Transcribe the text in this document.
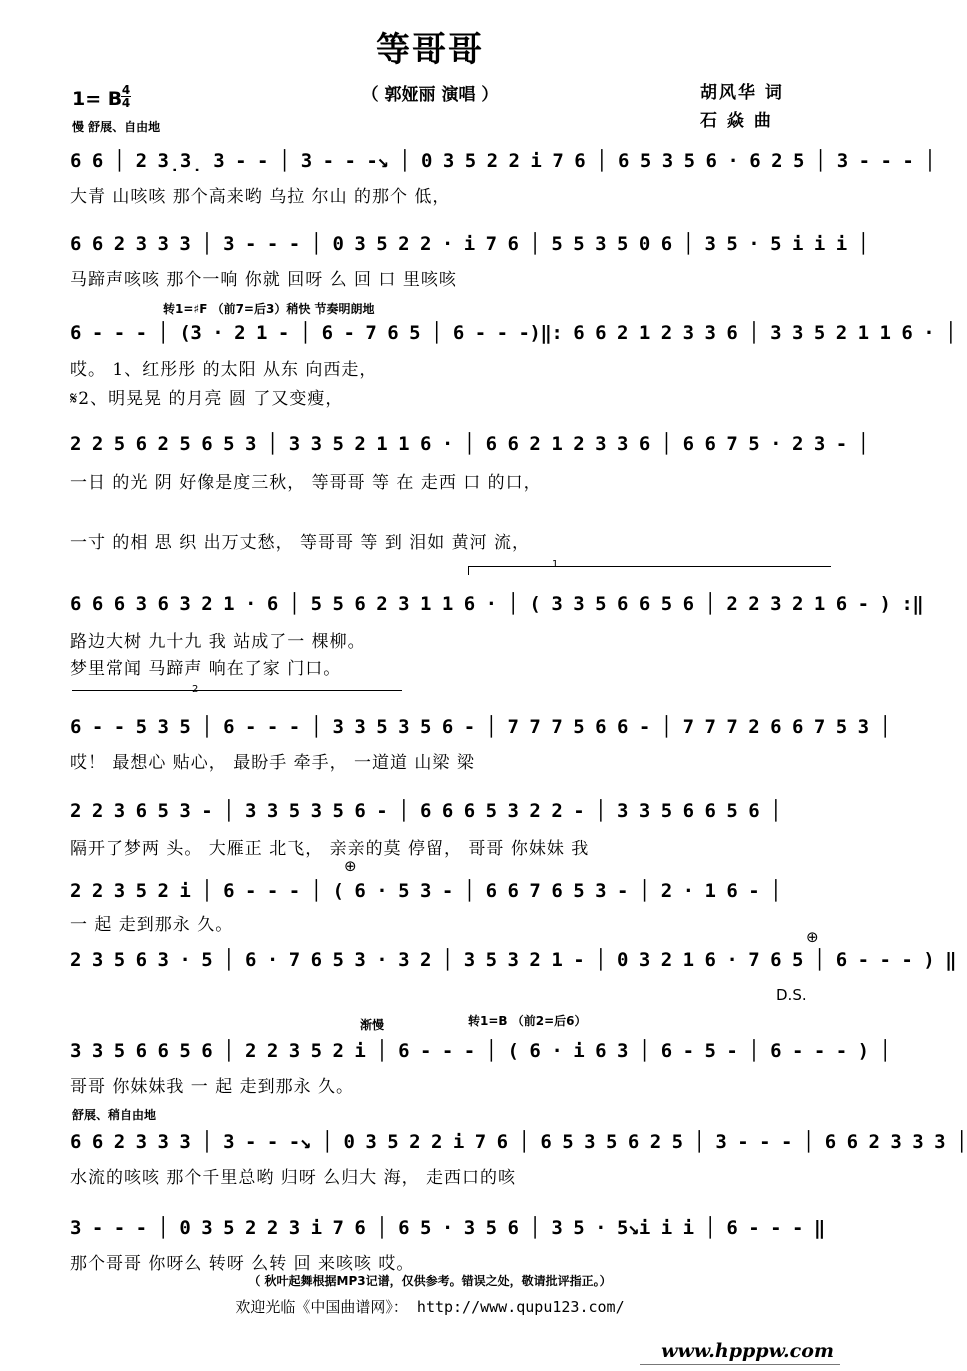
等哥哥
（ 郭娅丽 演唱 ）
1= B 4
4
慢 舒展、自由地
胡风华 词
石 焱 曲
6 6 │ 2 3̣3̣ 3 - - │ 3 - - -↘ │ 0 3 5 2 2 i 7 6 │ 6 5 3 5 6 · 6 2 5 │ 3 - - - │
大青 山咳咳 那个高来哟 乌拉 尔山 的那个 低，
6 6 2 3 3 3 │ 3 - - - │ 0 3 5 2 2 · i 7 6 │ 5 5 3 5 0 6 │ 3 5 · 5 i i i │
马蹄声咳咳 那个一响 你就 回呀 么 回 口 里咳咳
转1=♯F （前7=后3）稍快 节奏明朗地
6 - - - │ (3 · 2 1 - │ 6 - 7 6 5 │ 6 - - -)‖: 6 6 2 1 2 3 3 6 │ 3 3 5 2 1 1 6 · │
哎。 1、红彤彤 的太阳 从东 向西走，
𝄋2、明晃晃 的月亮 圆 了又变瘦，
2 2 5 6 2 5 6 5 3 │ 3 3 5 2 1 1 6 · │ 6 6 2 1 2 3 3 6 │ 6 6 7 5 · 2 3 - │
一日 的光 阴 好像是度三秋， 等哥哥 等 在 走西 口 的口，
一寸 的相 思 织 出万丈愁， 等哥哥 等 到 泪如 黄河 流，
1
6 6 6 3 6 3 2 1 · 6 │ 5 5 6 2 3 1 1 6 · │ ( 3 3 5 6 6 5 6 │ 2 2 3 2 1 6 - ) :‖
路边大树 九十九 我 站成了一 棵柳。
梦里常闻 马蹄声 响在了家 门口。
2
6 - - 5 3 5 │ 6 - - - │ 3 3 5 3 5 6 - │ 7 7 7 5 6 6 - │ 7 7 7 2 6 6 7 5 3 │
哎！ 最想心 贴心， 最盼手 牵手， 一道道 山梁 梁
2 2 3 6 5 3 - │ 3 3 5 3 5 6 - │ 6 6 6 5 3 2 2 - │ 3 3 5 6 6 5 6 │
隔开了梦两 头。 大雁正 北飞， 亲亲的莫 停留， 哥哥 你妹妹 我
⊕
2 2 3 5 2 i │ 6 - - - │ ( 6 · 5 3 - │ 6 6 7 6 5 3 - │ 2 · 1 6 - │
一 起 走到那永 久。
⊕
2 3 5 6 3 · 5 │ 6 · 7 6 5 3 · 3 2 │ 3 5 3 2 1 - │ 0 3 2 1 6 · 7 6 5 │ 6 - - - ) ‖
D.S.
渐慢	转1=B （前2=后6）
3 3 5 6 6 5 6 │ 2 2 3 5 2 i │ 6 - - - │ ( 6 · i 6 3 │ 6 - 5 - │ 6 - - - ) │
哥哥 你妹妹我 一 起 走到那永 久。
舒展、稍自由地
6 6 2 3 3 3 │ 3 - - -↘ │ 0 3 5 2 2 i 7 6 │ 6 5 3 5 6 2 5 │ 3 - - - │ 6 6 2 3 3 3 │
水流的咳咳 那个千里总哟 归呀 么归大 海， 走西口的咳
3 - - - │ 0 3 5 2 2 3 i 7 6 │ 6 5 · 3 5 6 │ 3 5 · 5↘i i i │ 6 - - - ‖
那个哥哥 你呀么 转呀 么转 回 来咳咳 哎。
（ 秋叶起舞根据MP3记谱，仅供参考。错误之处，敬请批评指正。）
欢迎光临《中国曲谱网》： http://www.qupu123.com/
www.hpppw.com
